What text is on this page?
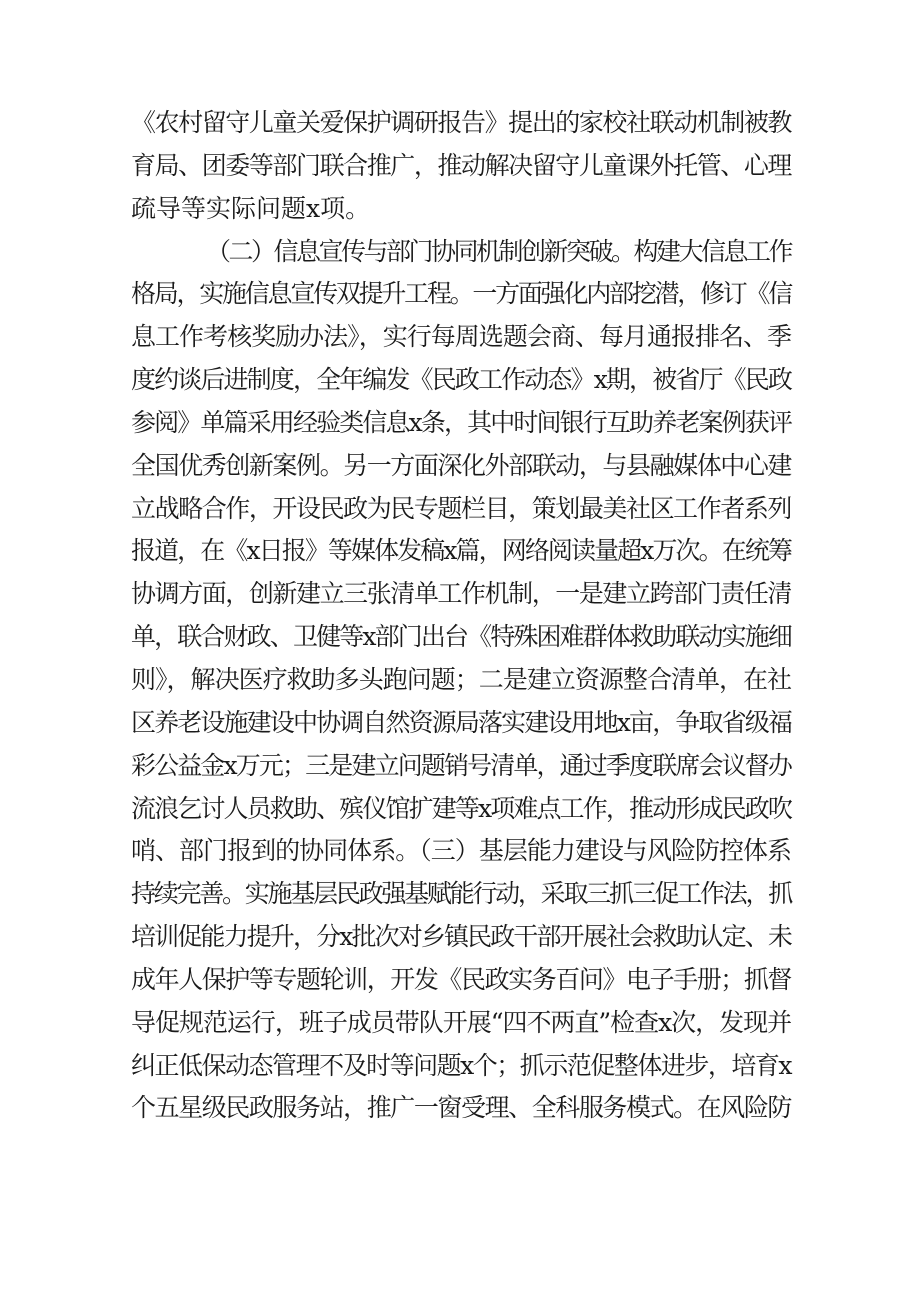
《农村留守儿童关爱保护调研报告》提出的家校社联动机制被教
育局、团委等部门联合推广，推动解决留守儿童课外托管、心理
疏导等实际问题x项。
（二）信息宣传与部门协同机制创新突破。构建大信息工作
格局，实施信息宣传双提升工程。一方面强化内部挖潜，修订《信
息工作考核奖励办法》，实行每周选题会商、每月通报排名、季
度约谈后进制度，全年编发《民政工作动态》x期，被省厅《民政
参阅》单篇采用经验类信息x条，其中时间银行互助养老案例获评
全国优秀创新案例。另一方面深化外部联动，与县融媒体中心建
立战略合作，开设民政为民专题栏目，策划最美社区工作者系列
报道，在《x日报》等媒体发稿x篇，网络阅读量超x万次。在统筹
协调方面，创新建立三张清单工作机制，一是建立跨部门责任清
单，联合财政、卫健等x部门出台《特殊困难群体救助联动实施细
则》，解决医疗救助多头跑问题；二是建立资源整合清单，在社
区养老设施建设中协调自然资源局落实建设用地x亩，争取省级福
彩公益金x万元；三是建立问题销号清单，通过季度联席会议督办
流浪乞讨人员救助、殡仪馆扩建等x项难点工作，推动形成民政吹
哨、部门报到的协同体系。（三）基层能力建设与风险防控体系
持续完善。实施基层民政强基赋能行动，采取三抓三促工作法，抓
培训促能力提升，分x批次对乡镇民政干部开展社会救助认定、未
成年人保护等专题轮训，开发《民政实务百问》电子手册；抓督
导促规范运行，班子成员带队开展“四不两直”检查x次，发现并
纠正低保动态管理不及时等问题x个；抓示范促整体进步，培育x
个五星级民政服务站，推广一窗受理、全科服务模式。在风险防
